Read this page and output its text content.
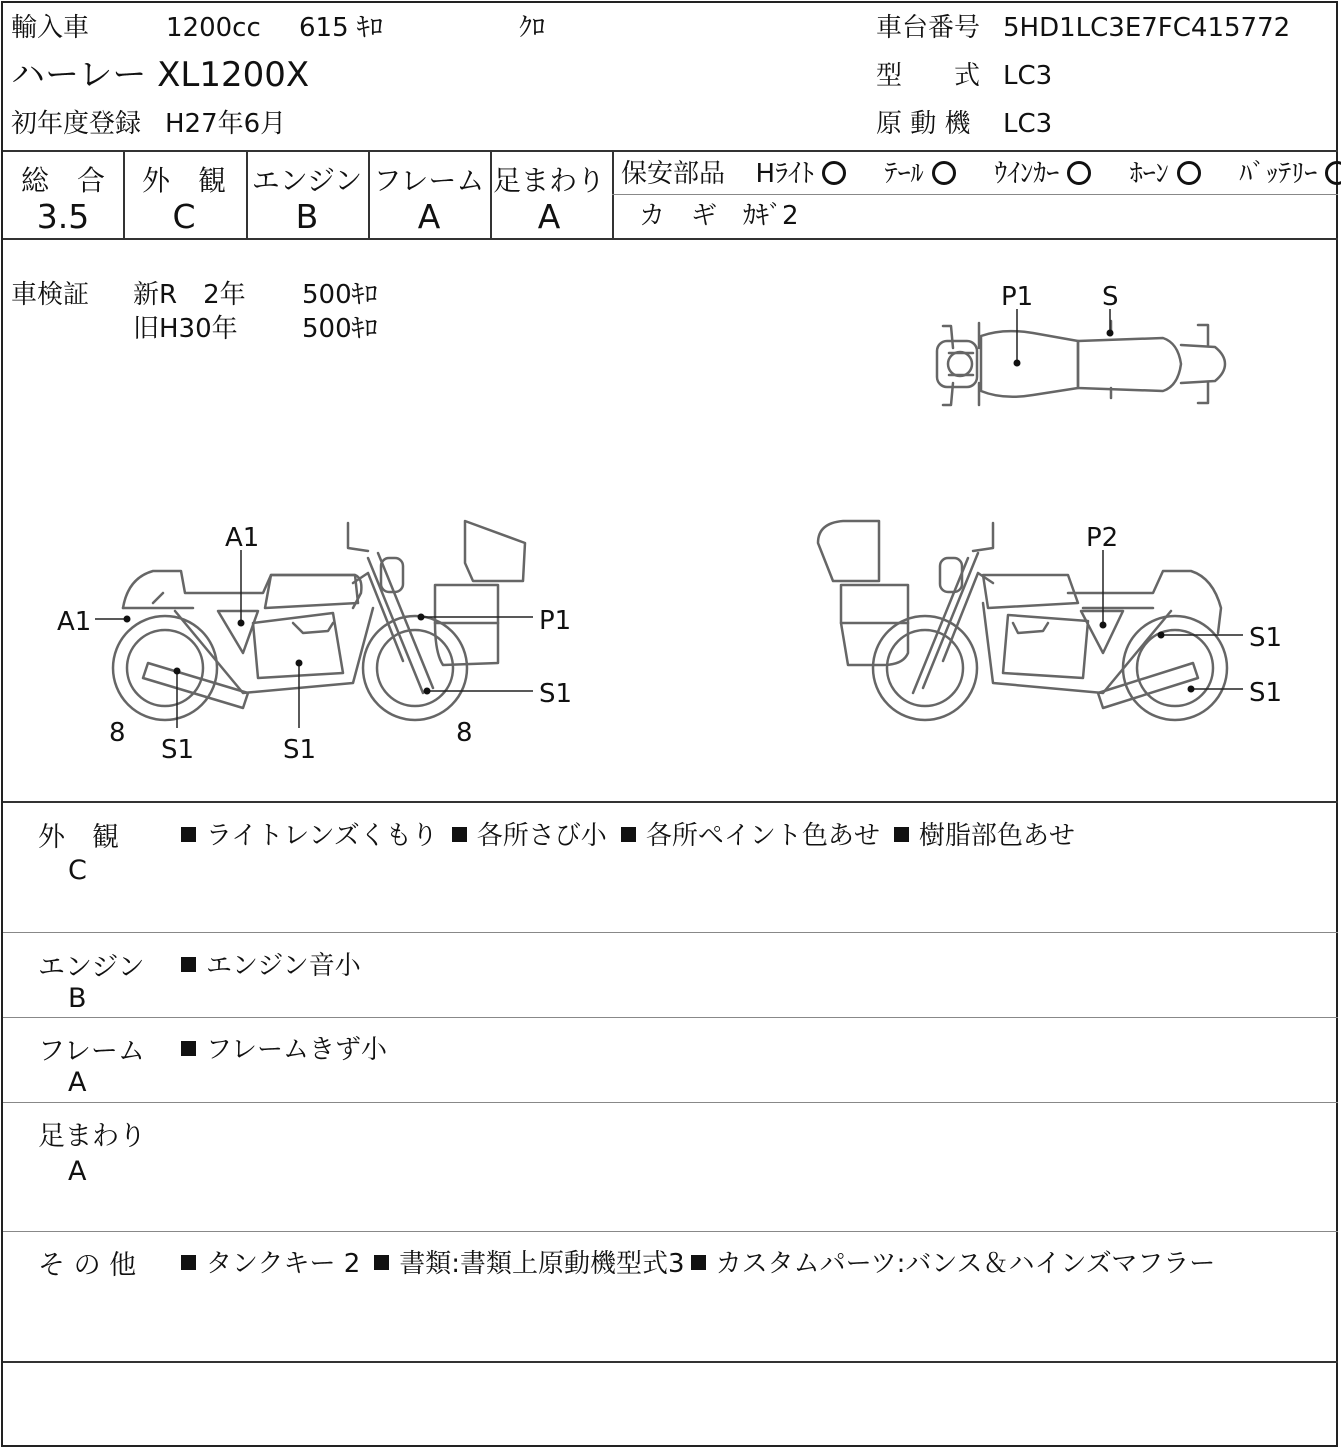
輸入車	1200cc 615 ｷﾛ	ｸﾛ
ハーレー XL1200X
初年度登録 H27年6月
車台番号 5HD1LC3E7FC415772
型　　式 LC3
原 動 機 LC3
総　合
3.5
外　観
C
エンジン
B
フレーム
A
足まわり
A
保安部品 Hﾗｲﾄ	ﾃｰﾙ	ｳｲﾝｶｰ	ﾎｰﾝ	ﾊﾞｯﾃﾘｰ
カ　ギ ｶｷﾞ2
車検証 新R　2年 500ｷﾛ
旧H30年 500ｷﾛ
P1	S
A1
A1	P1
S1
8
S1	S1
8
P2
S1
S1
外　観
C
ライトレンズくもり 各所さび小 各所ペイント色あせ 樹脂部色あせ
エンジン
B
エンジン音小
フレーム
A
フレームきず小
足まわり
A
そ の 他	タンクキー 2 書類:書類上原動機型式3 カスタムパーツ:バンス＆ハインズマフラー
